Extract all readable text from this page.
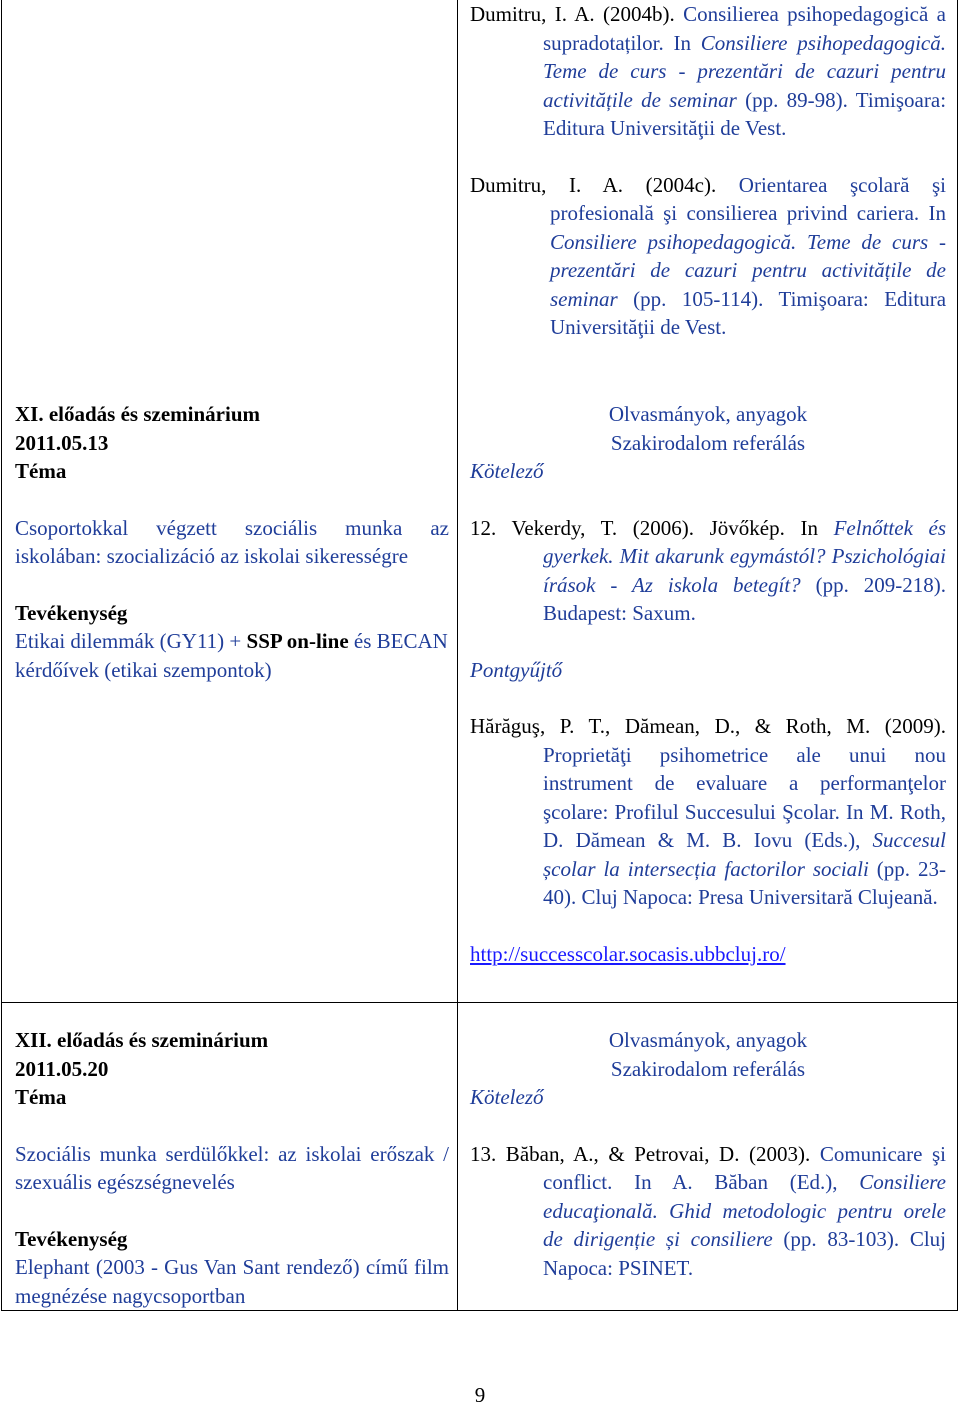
Dumitru, I. A. (2004b). Consilierea psihopedagogică a supradotaților. In Consiliere psihopedagogică. Teme de curs - prezentări de cazuri pentru activitățile de seminar (pp. 89-98). Timişoara: Editura Universităţii de Vest.

Dumitru, I. A. (2004c). Orientarea şcolară şi profesională şi consilierea privind cariera. In Consiliere psihopedagogică. Teme de curs - prezentări de cazuri pentru activitățile de seminar (pp. 105-114). Timişoara: Editura Universităţii de Vest.

XI. előadás és szeminárium

2011.05.13

Téma

Csoportokkal végzett szociális munka az iskolában: szocializáció az iskolai sikerességre

Tevékenység

Etikai dilemmák (GY11) + SSP on-line és BECAN kérdőívek (etikai szempontok)

Olvasmányok, anyagok

Szakirodalom referálás

Kötelező

12. Vekerdy, T. (2006). Jövőkép. In Felnőttek és gyerkek. Mit akarunk egymástól? Pszichológiai írások - Az iskola betegít? (pp. 209-218). Budapest: Saxum.

Pontgyűjtő

Hărăguş, P. T., Dămean, D., & Roth, M. (2009). Proprietăţi psihometrice ale unui nou instrument de evaluare a performanţelor şcolare: Profilul Succesului Şcolar. In M. Roth, D. Dămean & M. B. Iovu (Eds.), Succesul școlar la intersecția factorilor sociali (pp. 23-40). Cluj Napoca: Presa Universitară Clujeană.

http://successcolar.socasis.ubbcluj.ro/

XII. előadás és szeminárium

2011.05.20

Téma

Szociális munka serdülőkkel: az iskolai erőszak / szexuális egészségnevelés

Tevékenység

Elephant (2003 - Gus Van Sant rendező) című film megnézése nagycsoportban

Olvasmányok, anyagok

Szakirodalom referálás

Kötelező

13. Băban, A., & Petrovai, D. (2003). Comunicare şi conflict. In A. Băban (Ed.), Consiliere educaţională. Ghid metodologic pentru orele de dirigenție și consiliere (pp. 83-103). Cluj Napoca: PSINET.

9
